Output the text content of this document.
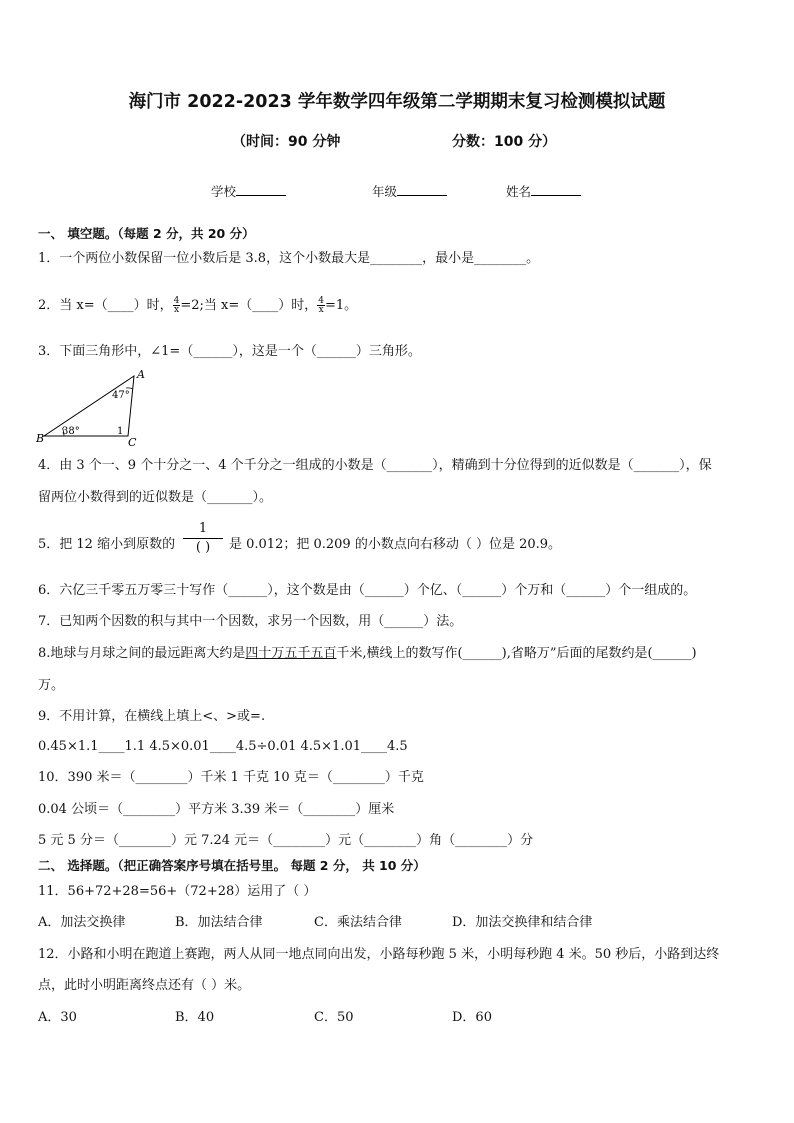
海门市 2022-2023 学年数学四年级第二学期期末复习检测模拟试题
（时间：90 分钟	分数：100 分）
学校	年级	姓名
一、 填空题。（每题 2 分，共 20 分）
1．一个两位小数保留一位小数后是 3.8，这个小数最大是________，最小是________。
2．当 x=（____）时， $\frac{4}{x} =2$;当 x=（____）时， $\frac{4}{x} =1$。
3．下面三角形中，∠1=（______），这是一个（______）三角形。
A
B	C
47°
38°	1
4．由 3 个一、9 个十分之一、4 个千分之一组成的小数是（_______），精确到十分位得到的近似数是（_______），保
留两位小数得到的近似数是（_______）。
5．把 12 缩小到原数的
1
( )	是 0.012；把 0.209 的小数点向右移动（ ）位是 20.9。
6．六亿三千零五万零三十写作（______），这个数是由（______）个亿、（______）个万和（______）个一组成的。
7．已知两个因数的积与其中一个因数，求另一个因数，用（______）法。
8.地球与月球之间的最远距离大约是四十万五千五百千米,横线上的数写作(______),省略万”后面的尾数约是(______)
万。
9．不用计算，在横线上填上<、>或=.
0.45×1.1____1.1 4.5×0.01____4.5÷0.01 4.5×1.01____4.5
10．390 米＝（________）千米 1 千克 10 克＝（________）千克
0.04 公顷＝（________）平方米 3.39 米＝（________）厘米
5 元 5 分＝（________）元 7.24 元＝（________）元（________）角（________）分
二、 选择题。（把正确答案序号填在括号里。 每题 2 分， 共 10 分）
11．56+72+28=56+（72+28）运用了（ ）
A．加法交换律	B．加法结合律	C．乘法结合律	D．加法交换律和结合律
12．小路和小明在跑道上赛跑，两人从同一地点同向出发，小路每秒跑 5 米，小明每秒跑 4 米。50 秒后，小路到达终
点，此时小明距离终点还有（ ）米。
A．30	B．40	C．50	D．60
